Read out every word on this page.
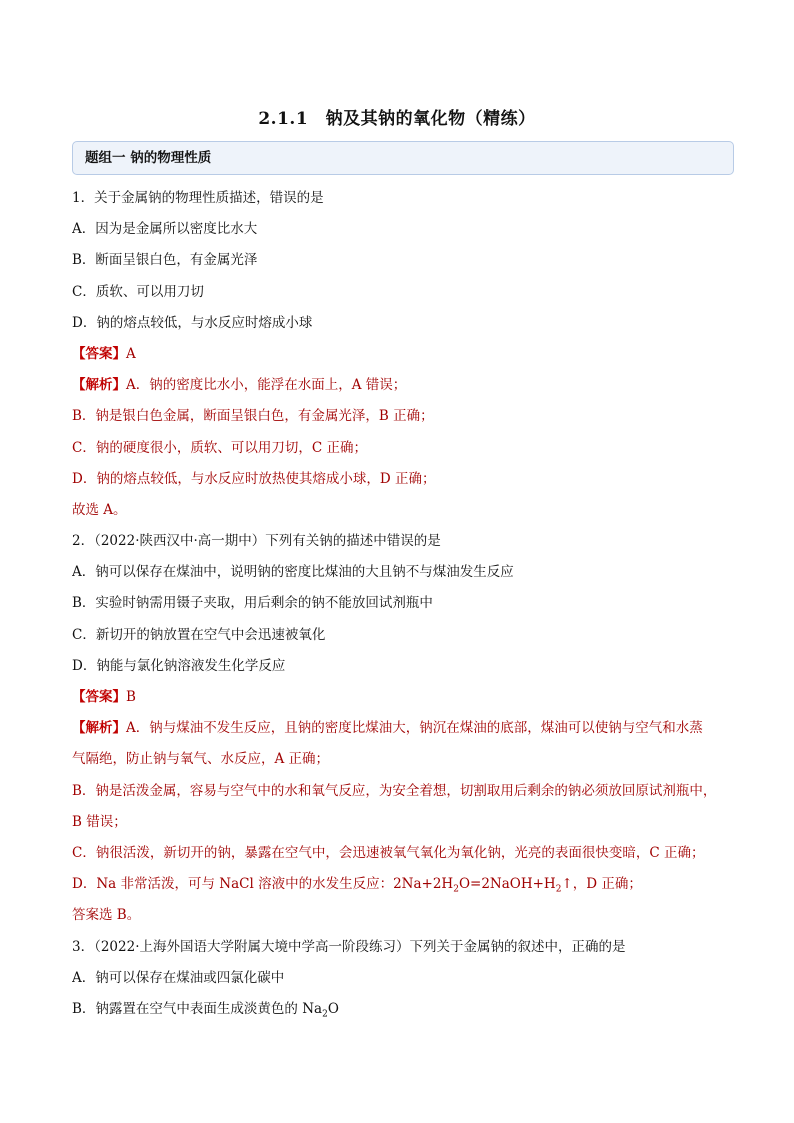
2.1.1　钠及其钠的氧化物（精练）
题组一 钠的物理性质
1．关于金属钠的物理性质描述，错误的是
A．因为是金属所以密度比水大
B．断面呈银白色，有金属光泽
C．质软、可以用刀切
D．钠的熔点较低，与水反应时熔成小球
【答案】A
【解析】A．钠的密度比水小，能浮在水面上，A 错误；
B．钠是银白色金属，断面呈银白色，有金属光泽，B 正确；
C．钠的硬度很小，质软、可以用刀切，C 正确；
D．钠的熔点较低，与水反应时放热使其熔成小球，D 正确；
故选 A。
2．（2022·陕西汉中·高一期中）下列有关钠的描述中错误的是
A．钠可以保存在煤油中，说明钠的密度比煤油的大且钠不与煤油发生反应
B．实验时钠需用镊子夹取，用后剩余的钠不能放回试剂瓶中
C．新切开的钠放置在空气中会迅速被氧化
D．钠能与氯化钠溶液发生化学反应
【答案】B
【解析】A．钠与煤油不发生反应，且钠的密度比煤油大，钠沉在煤油的底部，煤油可以使钠与空气和水蒸
气隔绝，防止钠与氧气、水反应，A 正确；
B．钠是活泼金属，容易与空气中的水和氧气反应，为安全着想，切割取用后剩余的钠必须放回原试剂瓶中，
B 错误；
C．钠很活泼，新切开的钠，暴露在空气中，会迅速被氧气氧化为氧化钠，光亮的表面很快变暗，C 正确；
D．Na 非常活泼，可与 NaCl 溶液中的水发生反应：$2Na+2H_2O=2NaOH+H_2↑$，D 正确；
答案选 B。
3．（2022·上海外国语大学附属大境中学高一阶段练习）下列关于金属钠的叙述中，正确的是
A．钠可以保存在煤油或四氯化碳中
B．钠露置在空气中表面生成淡黄色的 $Na_2O$
